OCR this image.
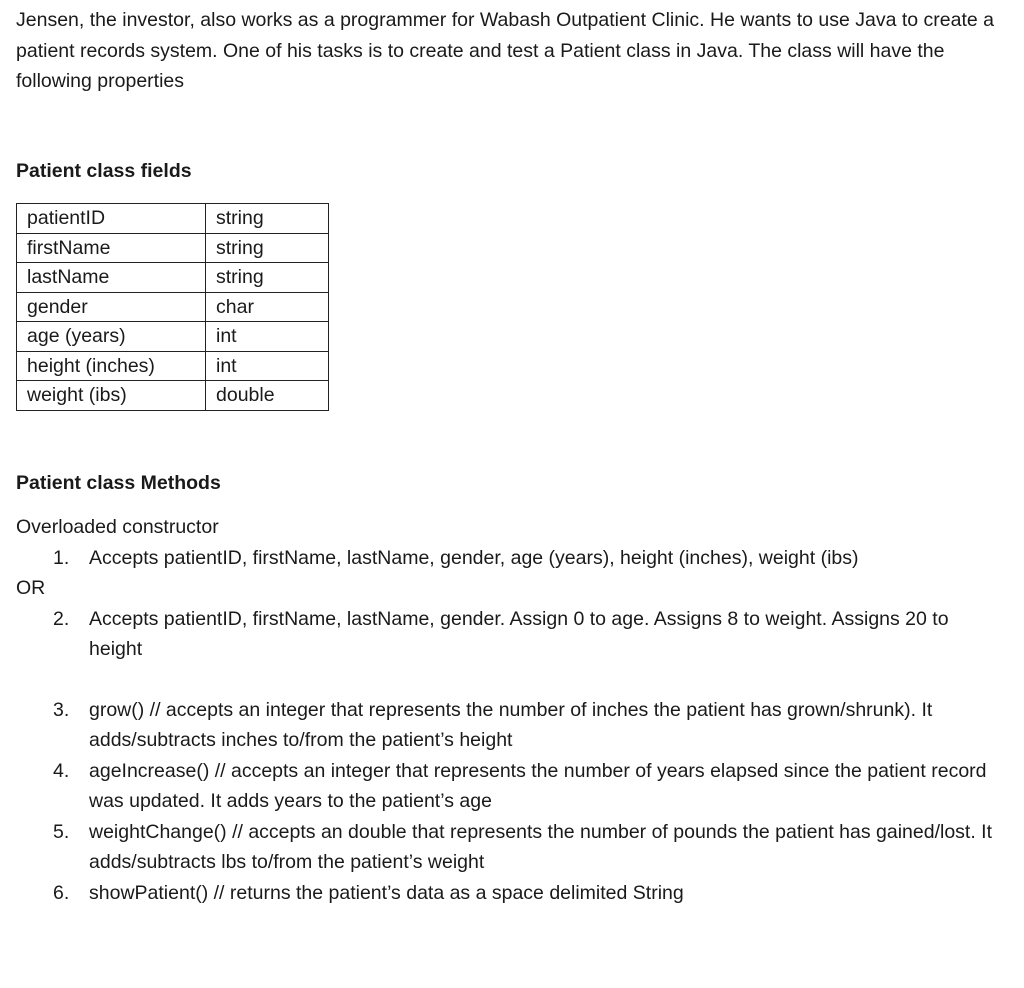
Jensen, the investor, also works as a programmer for Wabash Outpatient Clinic. He wants to use Java to create a patient records system. One of his tasks is to create and test a Patient class in Java. The class will have the following properties

Patient class fields

patientID	string
firstName	string
lastName	string
gender	char
age (years)	int
height (inches)	int
weight (ibs)	double

Patient class Methods

Overloaded constructor

1.	Accepts patientID, firstName, lastName, gender, age (years), height (inches), weight (ibs)

OR

2.	Accepts patientID, firstName, lastName, gender. Assign 0 to age. Assigns 8 to weight. Assigns 20 to height
3.	grow() // accepts an integer that represents the number of inches the patient has grown/shrunk). It adds/subtracts inches to/from the patient’s height
4.	ageIncrease() // accepts an integer that represents the number of years elapsed since the patient record was updated. It adds years to the patient’s age
5.	weightChange() // accepts an double that represents the number of pounds the patient has gained/lost. It adds/subtracts lbs to/from the patient’s weight
6.	showPatient() // returns the patient’s data as a space delimited String
